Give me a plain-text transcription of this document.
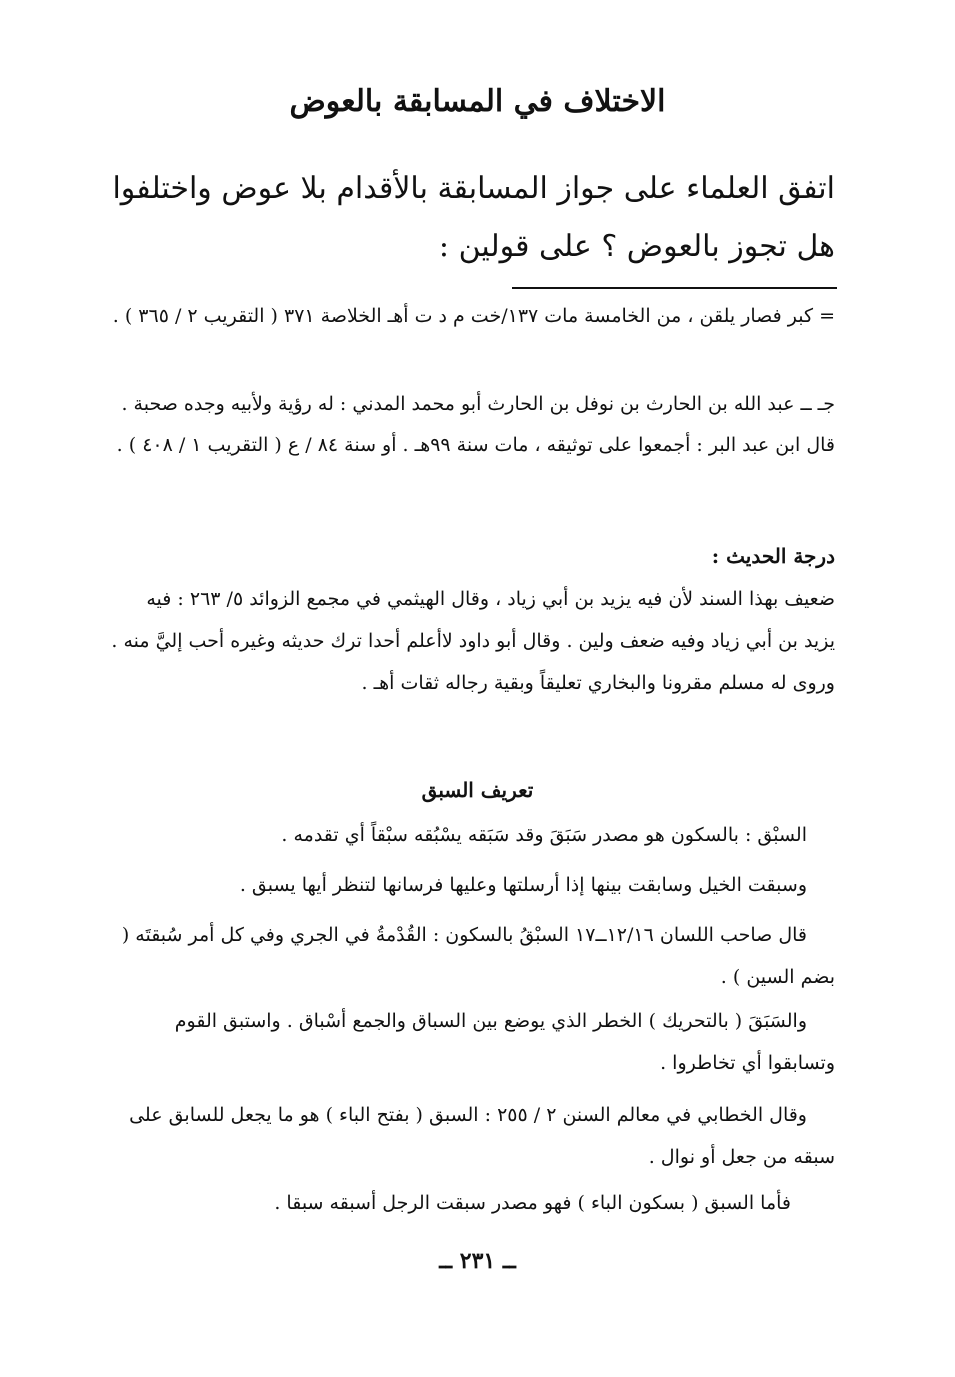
الاختلاف في المسابقة بالعوض

اتفق العلماء على جواز المسابقة بالأقدام بلا عوض واختلفوا هل تجوز بالعوض ؟ على قولين :

= كبر فصار يلقن ، من الخامسة مات ١٣٧/خت م د ت أهـ الخلاصة ٣٧١ ( التقريب ٢ / ٣٦٥ ) .

جـ ــ عبد الله بن الحارث بن نوفل بن الحارث أبو محمد المدني : له رؤية ولأبيه وجده صحبة . قال ابن عبد البر : أجمعوا على توثيقه ، مات سنة ٩٩هـ . أو سنة ٨٤ / ع ( التقريب ١ / ٤٠٨ ) .

درجة الحديث :

ضعيف بهذا السند لأن فيه يزيد بن أبي زياد ، وقال الهيثمي في مجمع الزوائد ٥/ ٢٦٣ : فيه يزيد بن أبي زياد وفيه ضعف ولين . وقال أبو داود لاأعلم أحدا ترك حديثه وغيره أحب إليَّ منه . وروى له مسلم مقرونا والبخاري تعليقاً وبقية رجاله ثقات أهـ .

تعريف السبق

السبْق : بالسكون هو مصدر سَبَقَ وقد سَبَقه يسْبُقه سبْقاً أي تقدمه .

وسبقت الخيل وسابقت بينها إذا أرسلتها وعليها فرسانها لتنظر أيها يسبق .

قال صاحب اللسان ١٢/١٦ــ١٧ السبْقُ بالسكون : القُدْمةُ في الجري وفي كل أمر سُبقتَه ( بضم السين ) .

والسَبَقَ ( بالتحريك ) الخطر الذي يوضع بين السباق والجمع أسْباق . واستبق القوم وتسابقوا أي تخاطروا .

وقال الخطابي في معالم السنن ٢ / ٢٥٥ : السبق ( بفتح الباء ) هو ما يجعل للسابق على سبقه من جعل أو نوال .

فأما السبق ( بسكون الباء ) فهو مصدر سبقت الرجل أسبقه سبقا .

ــ ٢٣١ ــ
